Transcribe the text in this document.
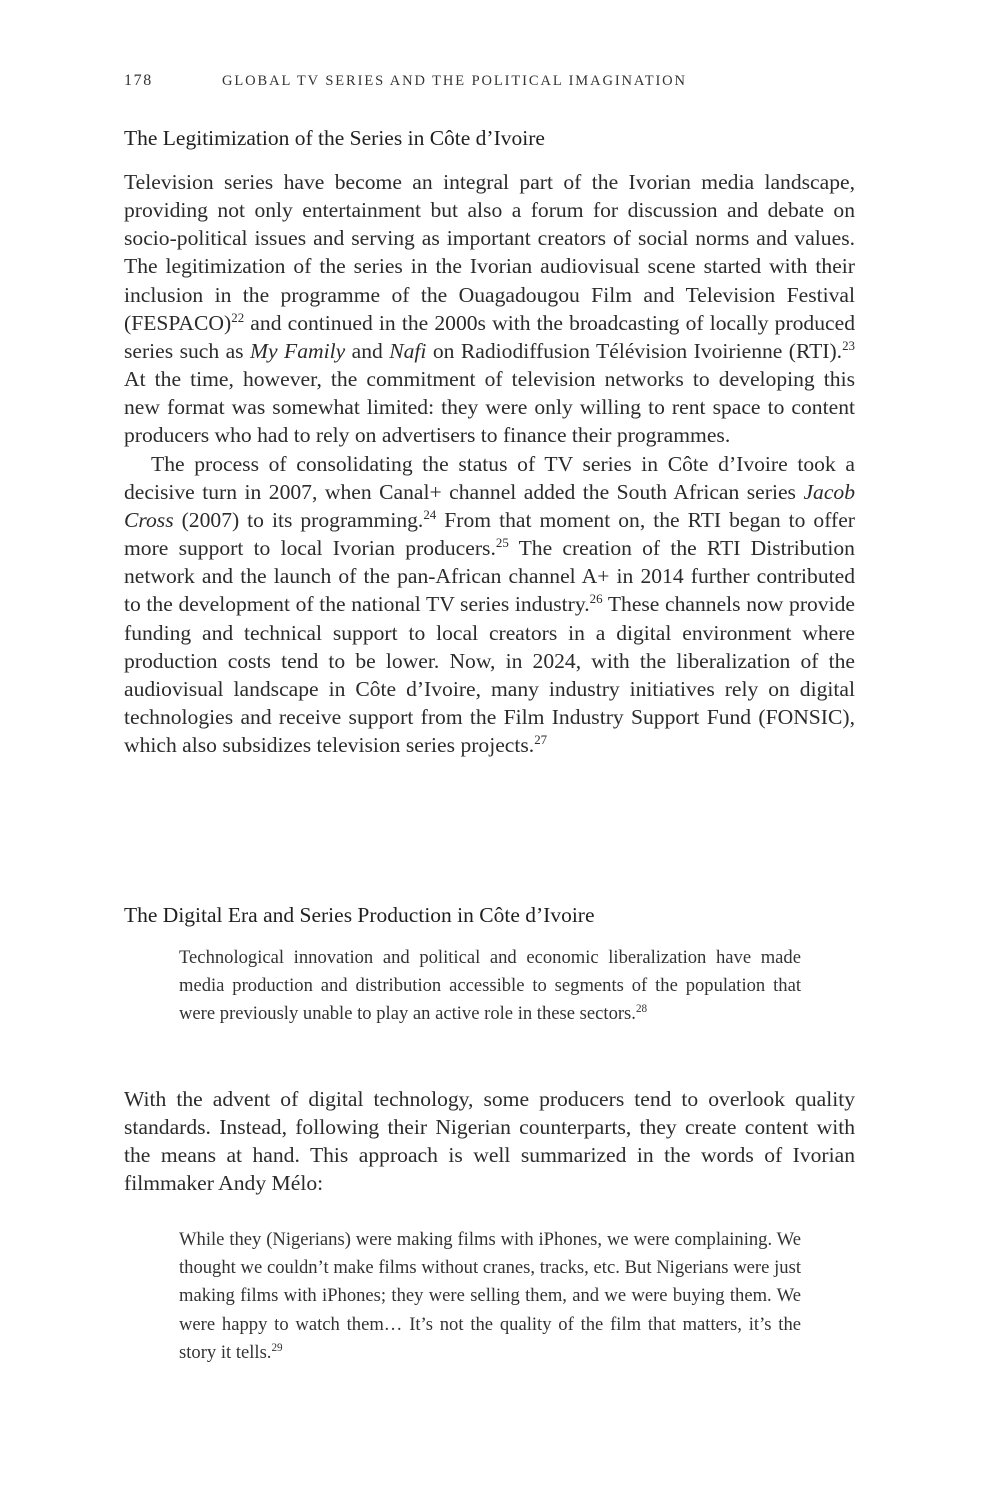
178	GLOBAL TV SERIES AND THE POLITICAL IMAGINATION
The Legitimization of the Series in Côte d’Ivoire

Television series have become an integral part of the Ivorian media landscape, providing not only entertainment but also a forum for discussion and debate on socio-political issues and serving as important creators of social norms and values. The legitimization of the series in the Ivorian audiovisual scene started with their inclusion in the programme of the Ouagadougou Film and Television Festival (FESPACO)$^{22}$ and continued in the 2000s with the broadcasting of locally produced series such as My Family and Nafi on Radiodiffusion Télévision Ivoirienne (RTI).$^{23}$ At the time, however, the commitment of television networks to developing this new format was somewhat limited: they were only willing to rent space to content producers who had to rely on advertisers to finance their programmes.

The process of consolidating the status of TV series in Côte d’Ivoire took a decisive turn in 2007, when Canal+ channel added the South African series Jacob Cross (2007) to its programming.$^{24}$ From that moment on, the RTI began to offer more support to local Ivorian producers.$^{25}$ The creation of the RTI Distribution network and the launch of the pan-African channel A+ in 2014 further contributed to the development of the national TV series industry.$^{26}$ These channels now provide funding and technical support to local creators in a digital environment where production costs tend to be lower. Now, in 2024, with the liberalization of the audiovisual landscape in Côte d’Ivoire, many industry initiatives rely on digital technologies and receive support from the Film Industry Support Fund (FONSIC), which also subsidizes television series projects.$^{27}$

The Digital Era and Series Production in Côte d’Ivoire

Technological innovation and political and economic liberalization have made media production and distribution accessible to segments of the population that were previously unable to play an active role in these sectors.$^{28}$

With the advent of digital technology, some producers tend to overlook quality standards. Instead, following their Nigerian counterparts, they create content with the means at hand. This approach is well summarized in the words of Ivorian filmmaker Andy Mélo:

While they (Nigerians) were making films with iPhones, we were complaining. We thought we couldn’t make films without cranes, tracks, etc. But Nigerians were just making films with iPhones; they were selling them, and we were buying them. We were happy to watch them… It’s not the quality of the film that matters, it’s the story it tells.$^{29}$
